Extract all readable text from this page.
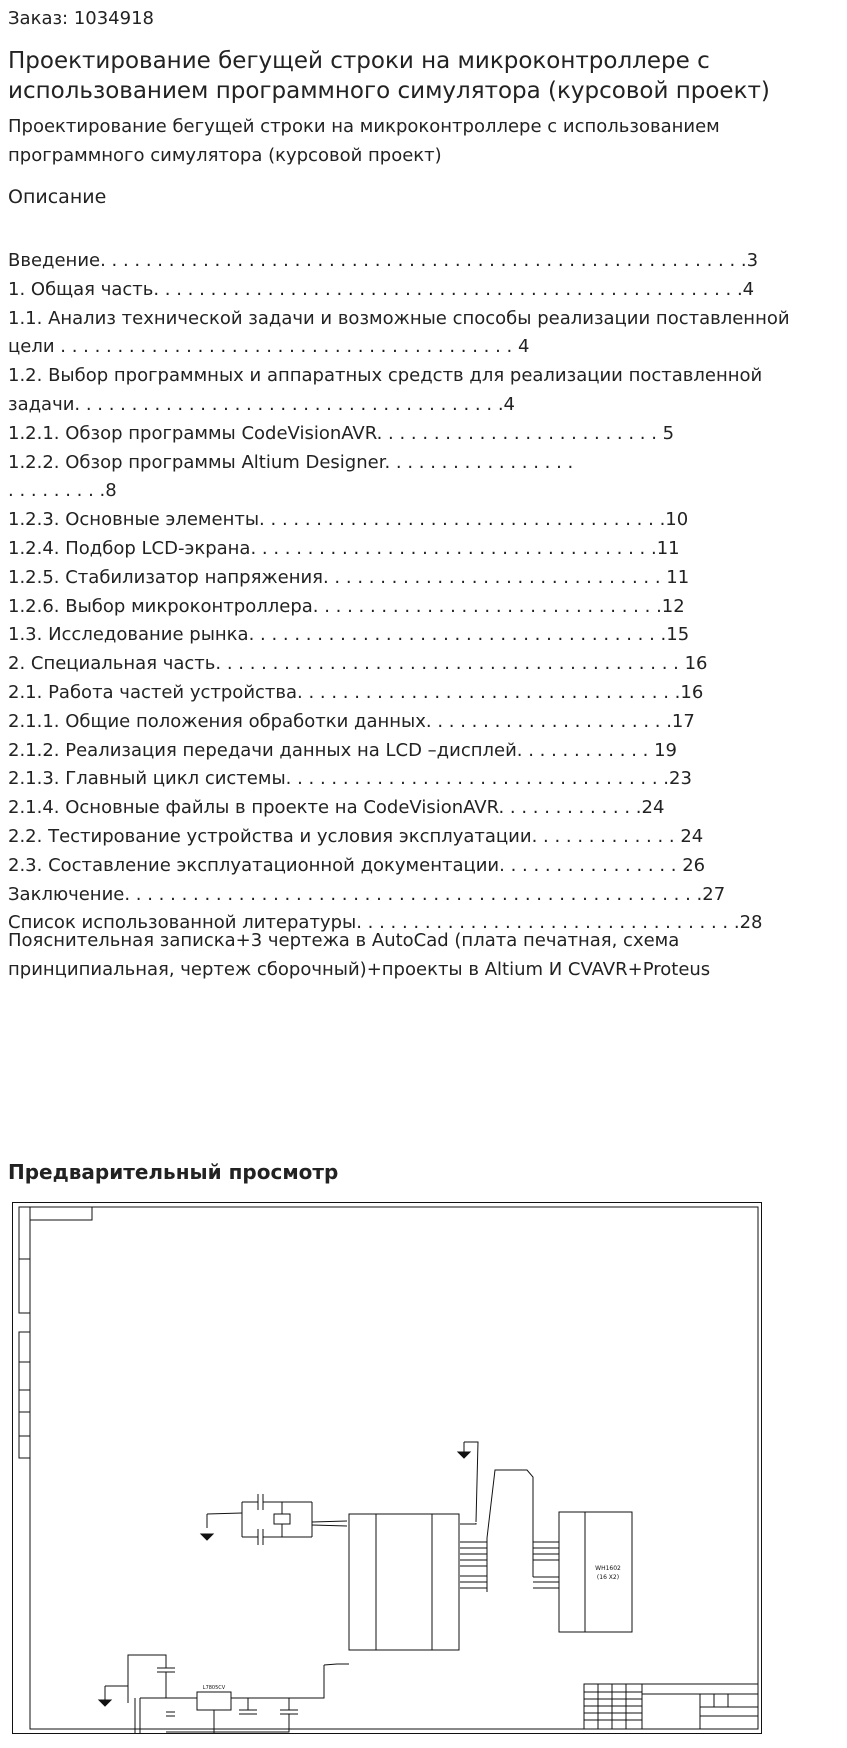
Заказ: 1034918
Проектирование бегущей строки на микроконтроллере с использованием программного симулятора (курсовой проект)
Проектирование бегущей строки на микроконтроллере с использованием программного симулятора (курсовой проект)
Описание
Введение. . . . . . . . . . . . . . . . . . . . . . . . . . . . . . . . . . . . . . . . . . . . . . . . . . . . . . . . .3
1. Общая часть. . . . . . . . . . . . . . . . . . . . . . . . . . . . . . . . . . . . . . . . . . . . . . . . . . . .4
1.1. Анализ технической задачи и возможные способы реализации поставленной
цели . . . . . . . . . . . . . . . . . . . . . . . . . . . . . . . . . . . . . . . . 4
1.2. Выбор программных и аппаратных средств для реализации поставленной
задачи. . . . . . . . . . . . . . . . . . . . . . . . . . . . . . . . . . . . . .4
1.2.1. Обзор программы CodeVisionAVR. . . . . . . . . . . . . . . . . . . . . . . . . 5
1.2.2. Обзор программы Altium Designer. . . . . . . . . . . . . . . . .
. . . . . . . . .8
1.2.3. Основные элементы. . . . . . . . . . . . . . . . . . . . . . . . . . . . . . . . . . . .10
1.2.4. Подбор LCD-экрана. . . . . . . . . . . . . . . . . . . . . . . . . . . . . . . . . . . .11
1.2.5. Стабилизатор напряжения. . . . . . . . . . . . . . . . . . . . . . . . . . . . . . 11
1.2.6. Выбор микроконтроллера. . . . . . . . . . . . . . . . . . . . . . . . . . . . . . .12
1.3. Исследование рынка. . . . . . . . . . . . . . . . . . . . . . . . . . . . . . . . . . . . .15
2. Специальная часть. . . . . . . . . . . . . . . . . . . . . . . . . . . . . . . . . . . . . . . . . 16
2.1. Работа частей устройства. . . . . . . . . . . . . . . . . . . . . . . . . . . . . . . . . .16
2.1.1. Общие положения обработки данных. . . . . . . . . . . . . . . . . . . . . .17
2.1.2. Реализация передачи данных на LCD –дисплей. . . . . . . . . . . . 19
2.1.3. Главный цикл системы. . . . . . . . . . . . . . . . . . . . . . . . . . . . . . . . . .23
2.1.4. Основные файлы в проекте на CodeVisionAVR. . . . . . . . . . . . .24
2.2. Тестирование устройства и условия эксплуатации. . . . . . . . . . . . . 24
2.3. Составление эксплуатационной документации. . . . . . . . . . . . . . . . 26
Заключение. . . . . . . . . . . . . . . . . . . . . . . . . . . . . . . . . . . . . . . . . . . . . . . . . . .27
Список использованной литературы. . . . . . . . . . . . . . . . . . . . . . . . . . . . . . . . . .28
Пояснительная записка+3 чертежа в AutoCad (плата печатная, схема принципиальная, чертеж сборочный)+проекты в Altium И CVAVR+Proteus
Предварительный просмотр
WH1602
(16 X2)
L7805CV
